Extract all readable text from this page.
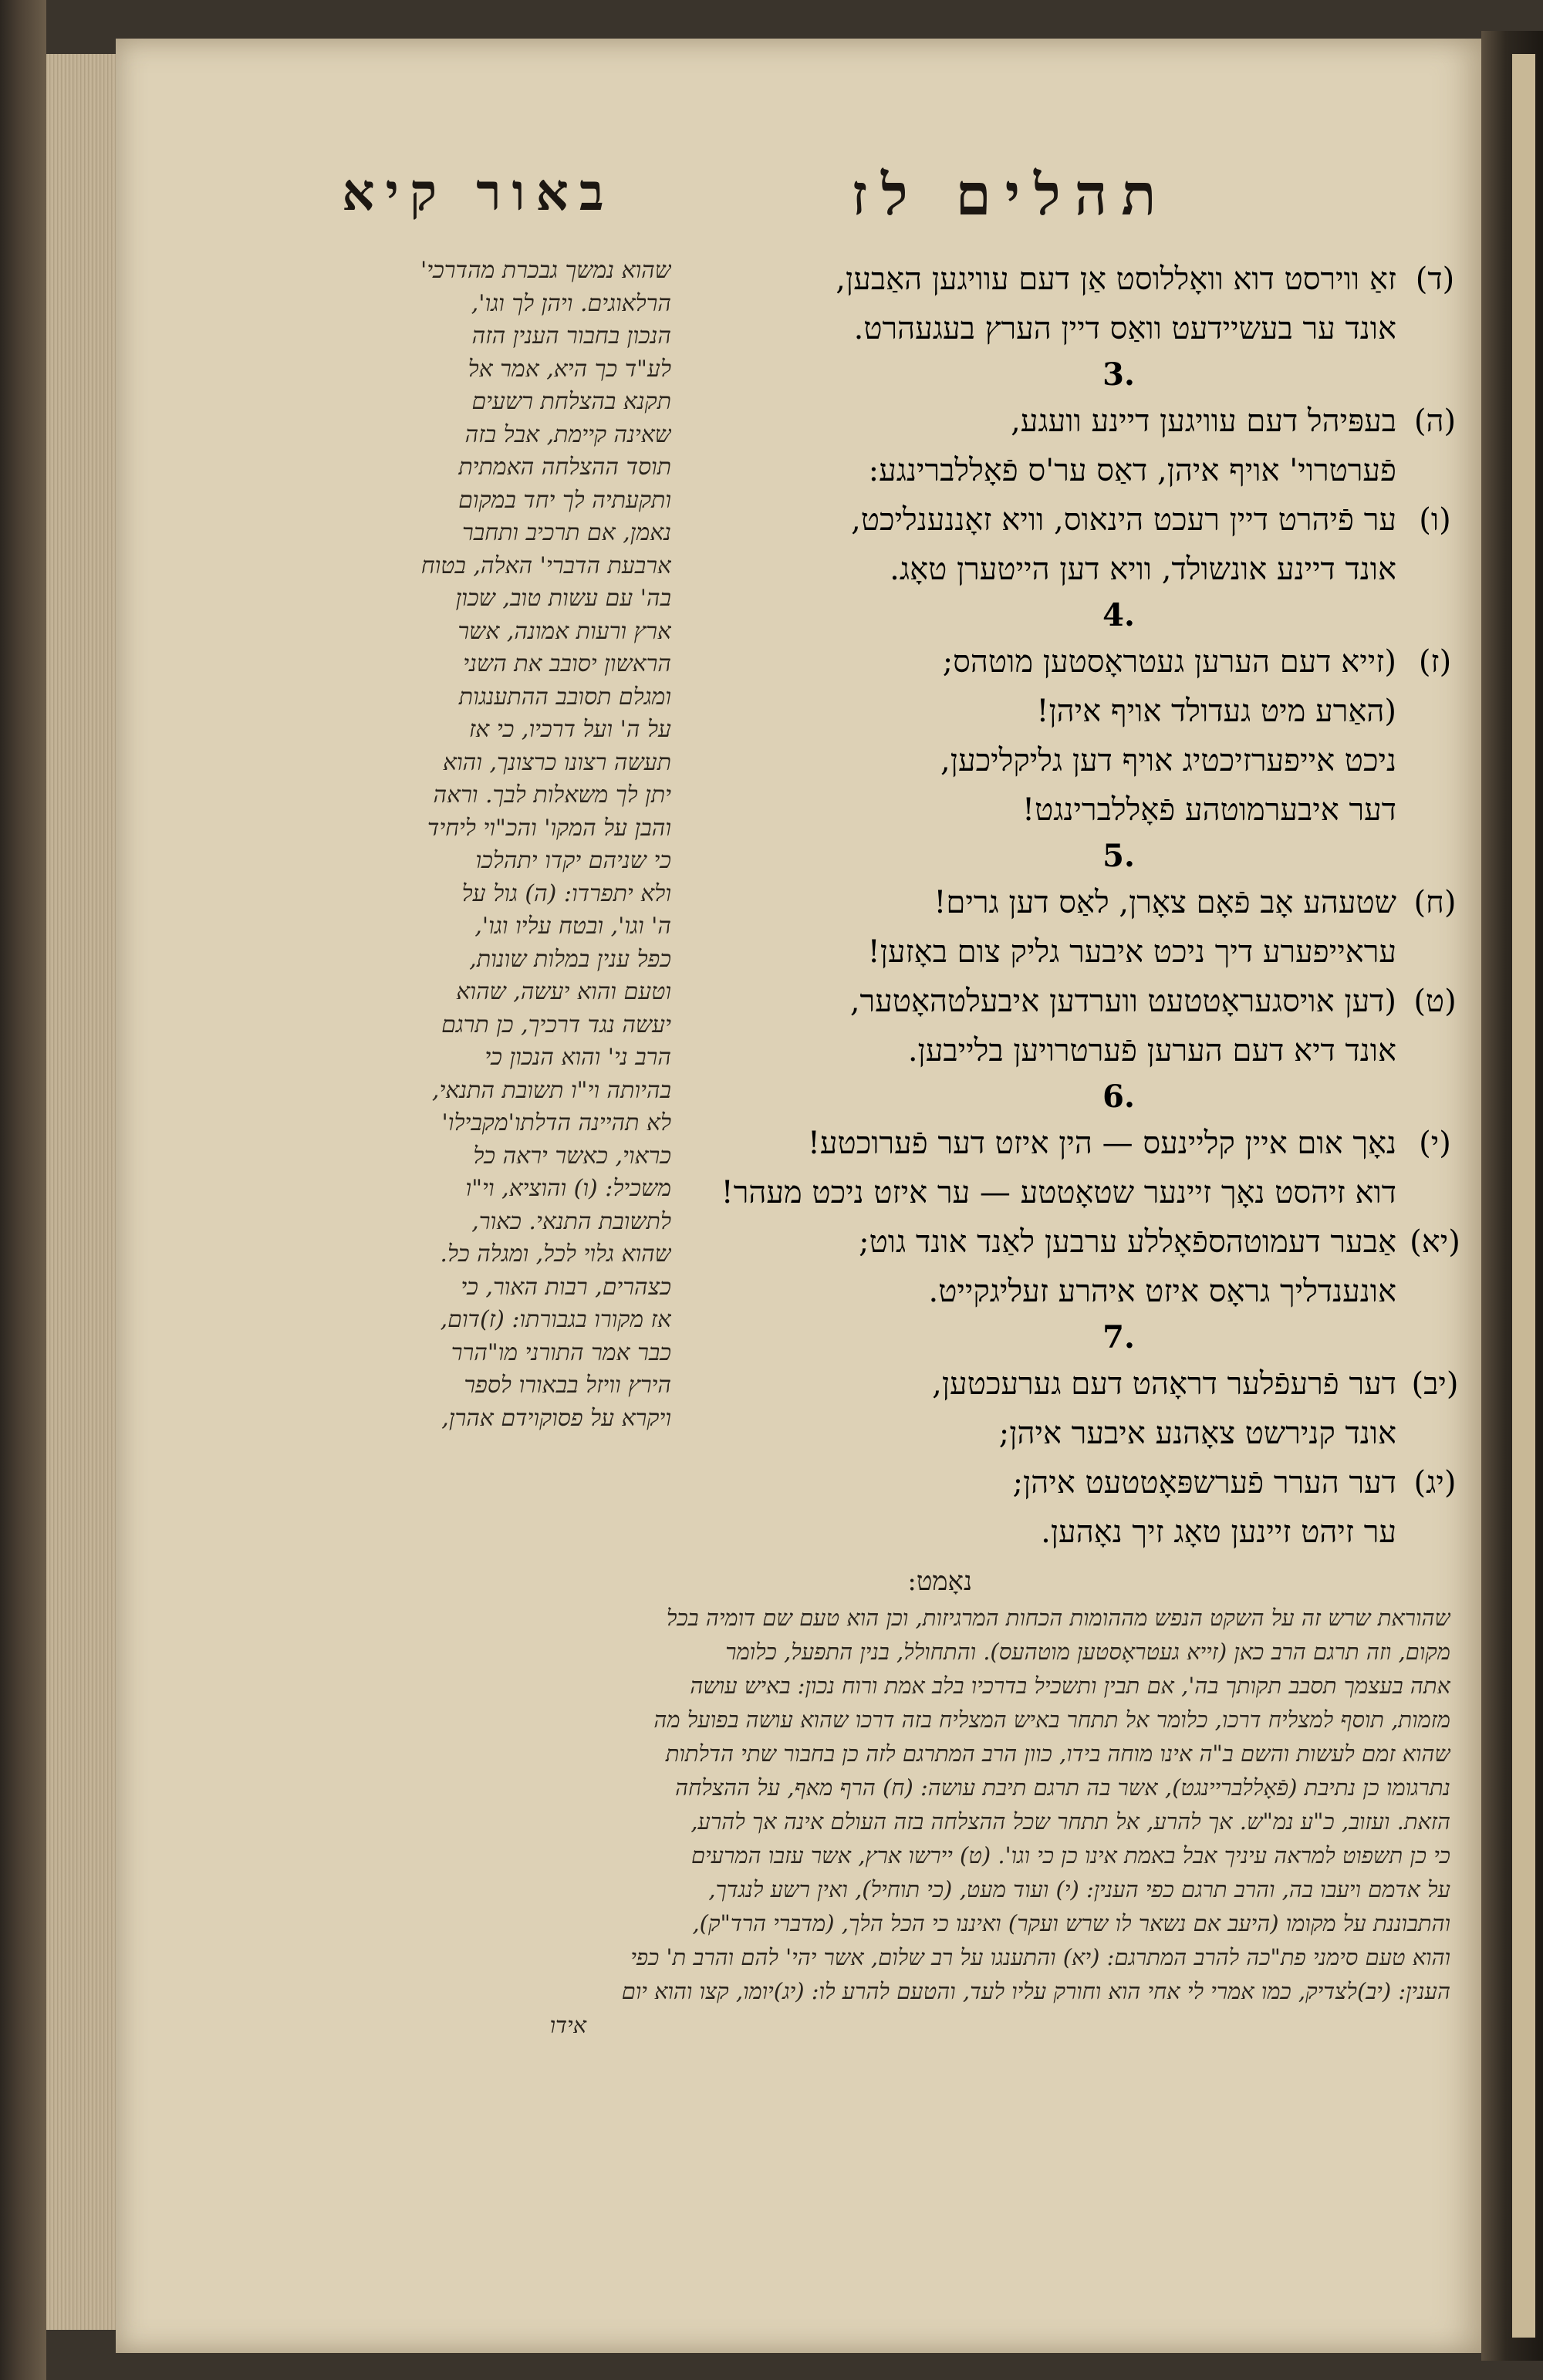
תהלים לז
באור קיא
(ד)
זאַ ווירסט דוא וואָללוסט אַן דעם עוויגען האַבען,
אונד ער בעשיידעט וואַס דיין הערץ בעגעהרט.
3.
(ה)
בעפּיהל דעם עוויגען דיינע וועגע,
פֿערטרוי' אויף איהן, דאַס ער'ס פֿאָללברינגע:
(ו)
ער פֿיהרט דיין רעכט הינאוס, וויא זאָננענליכט,
אונד דיינע אונשולד, וויא דען הייטערן טאָג.
4.
(ז)
(זייא דעם הערען געטראָסטען מוטהס;
(האַרע מיט געדולד אויף איהן!
ניכט אייפערזיכטיג אויף דען גליקליכען,
דער איבערמוטהע פֿאָללברינגט!
5.
(ח)
שטעהע אָב פֿאָם צאָרן, לאַס דען גרים!
עראייפערע דיך ניכט איבער גליק צום באָזען!
(ט)
(דען אויסגעראָטטעט ווערדען איבעלטהאָטער,
אונד דיא דעם הערען פֿערטרויען בלייבען.
6.
(י)
נאָך אום איין קליינעס — הין איזט דער פֿערוכטע!
דוא זיהסט נאָך זיינער שטאָטטע — ער איזט ניכט מעהר!
(יא)
אַבער דעמוטהספֿאָללע ערבען לאַנד אונד גוט;
אונענדליך גראָס איזט איהרע זעליגקייט.
7.
(יב)
דער פֿרעפֿלער דראָהט דעם גערעכטען,
אונד קנירשט צאָהנע איבער איהן;
(יג)
דער הערר פֿערשפּאָטטעט איהן;
ער זיהט זיינען טאָג זיך נאָהען.
שהוא נמשך גבכרת מהדרכי'
הרלאוגים. ויהן לך וגו',
הנכון בחבור הענין הזה
לע"ד כך היא, אמר אל
תקנא בהצלחת רשעים
שאינה קיימת, אבל בזה
תוסד ההצלחה האמתית
ותקעתיה לך יחד במקום
נאמן, אם תרכיב ותחבר
ארבעת הדברי' האלה, בטוח
בה' עם עשות טוב, שכון
ארץ ורעות אמונה, אשר
הראשון יסובב את השני
ומגלם תסובב ההתענגות
על ה' ועל דרכיו, כי אז
תעשה רצונו כרצונך, והוא
יתן לך משאלות לבך. וראה
והבן על המקו' והכ"וי ליחיד
כי שניהם יקדו יתהלכו
ולא יתפרדו: (ה) גול על
ה' וגו', ובטח עליו וגו',
כפל ענין במלות שונות,
וטעם והוא יעשה, שהוא
יעשה נגד דרכיך, כן תרגם
הרב ני' והוא הנכון כי
בהיותה וי"ו תשובת התנאי,
לא תהיינה הדלתו'מקבילו'
כראוי, כאשר יראה כל
משכיל: (ו) והוציא, וי"ו
לתשובת התנאי. כאור,
שהוא גלוי לכל, ומגלה כל.
כצהרים, רבות האור, כי
אז מקורו בגבורתו: (ז)דום,
כבר אמר התורני מו"הרר
הירץ וויזל בבאורו לספר
ויקרא על פסוקוידם אהרן,
נאָמט:
שהוראת שרש זה על השקט הנפש מההומות הכחות המרגיזות, וכן הוא טעם שם דומיה בכל
מקום, וזה תרגם הרב כאן (זייא געטראָסטען מוטהעס). והתחולל, בנין התפעל, כלומר
אתה בעצמך תסבב תקותך בה', אם תבין ותשכיל בדרכיו בלב אמת ורוח נכון: באיש עושה
מזמות, תוסף למצליח דרכו, כלומר אל תתחר באיש המצליח בזה דרכו שהוא עושה בפועל מה
שהוא זמם לעשות והשם ב"ה אינו מוחה בידו, כוון הרב המתרגם לזה כן בחבור שתי הדלתות
נתרגומו כן נתיבת (פֿאָללבריינגט), אשר בה תרגם תיבת עושה: (ח) הרף מאף, על ההצלחה
הזאת. ועזוב, כ"ע נמ"ש. אך להרע, אל תתחר שכל ההצלחה בזה העולם אינה אך להרע,
כי כן תשפוט למראה עיניך אבל באמת אינו כן כי וגו'. (ט) יירשו ארץ, אשר עזבו המרעים
על אדמם ויעבו בה, והרב תרגם כפי הענין: (י) ועוד מעט, (כי תוחיל), ואין רשע לנגדך,
והתבוננת על מקומו (היעב אם נשאר לו שרש ועקר) ואיננו כי הכל הלך, (מדברי הרד"ק),
והוא טעם סימני פת"כה להרב המתרגם: (יא) והתענגו על רב שלום, אשר יהי' להם והרב ת' כפי
הענין: (יב)לצדיק, כמו אמרי לי אחי הוא וחורק עליו לעד, והטעם להרע לו: (יג)יומו, קצו והוא יום
אידו
